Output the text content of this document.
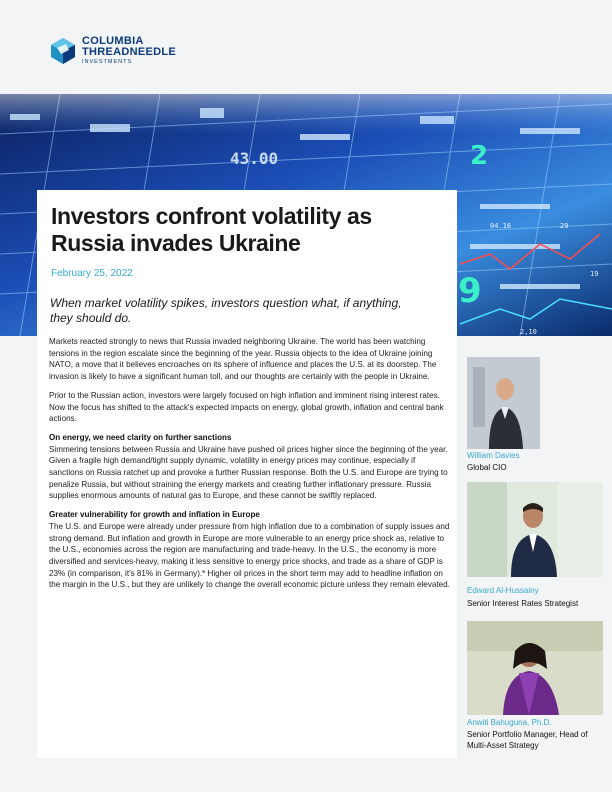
COLUMBIA
THREADNEEDLE
INVESTMENTS
43.00	2
9
04.16	29
19
2,10
Investors confront volatility as
Russia invades Ukraine
February 25, 2022
When market volatility spikes, investors question what, if anything, they should do.

Markets reacted strongly to news that Russia invaded neighboring Ukraine. The world has been watching tensions in the region escalate since the beginning of the year. Russia objects to the idea of Ukraine joining NATO, a move that it believes encroaches on its sphere of influence and places the U.S. at its doorstep. The invasion is likely to have a significant human toll, and our thoughts are certainly with the people in Ukraine.

Prior to the Russian action, investors were largely focused on high inflation and imminent rising interest rates. Now the focus has shifted to the attack's expected impacts on energy, global growth, inflation and central bank actions.

On energy, we need clarity on further sanctions

Simmering tensions between Russia and Ukraine have pushed oil prices higher since the beginning of the year. Given a fragile high demand/tight supply dynamic, volatility in energy prices may continue, especially if sanctions on Russia ratchet up and provoke a further Russian response. Both the U.S. and Europe are trying to penalize Russia, but without straining the energy markets and creating further inflationary pressure. Russia supplies enormous amounts of natural gas to Europe, and these cannot be swiftly replaced.

Greater vulnerability for growth and inflation in Europe

The U.S. and Europe were already under pressure from high inflation due to a combination of supply issues and strong demand. But inflation and growth in Europe are more vulnerable to an energy price shock as, relative to the U.S., economies across the region are manufacturing and trade-heavy. In the U.S., the economy is more diversified and services-heavy, making it less sensitive to energy price shocks, and trade as a share of GDP is 23% (in comparison, it's 81% in Germany).* Higher oil prices in the short term may add to headline inflation on the margin in the U.S., but they are unlikely to change the overall economic picture unless they remain elevated.

William Davies
Global CIO
Edward Al-Hussainy
Senior Interest Rates Strategist
Anwiti Bahuguna, Ph.D.
Senior Portfolio Manager, Head of Multi-Asset Strategy
